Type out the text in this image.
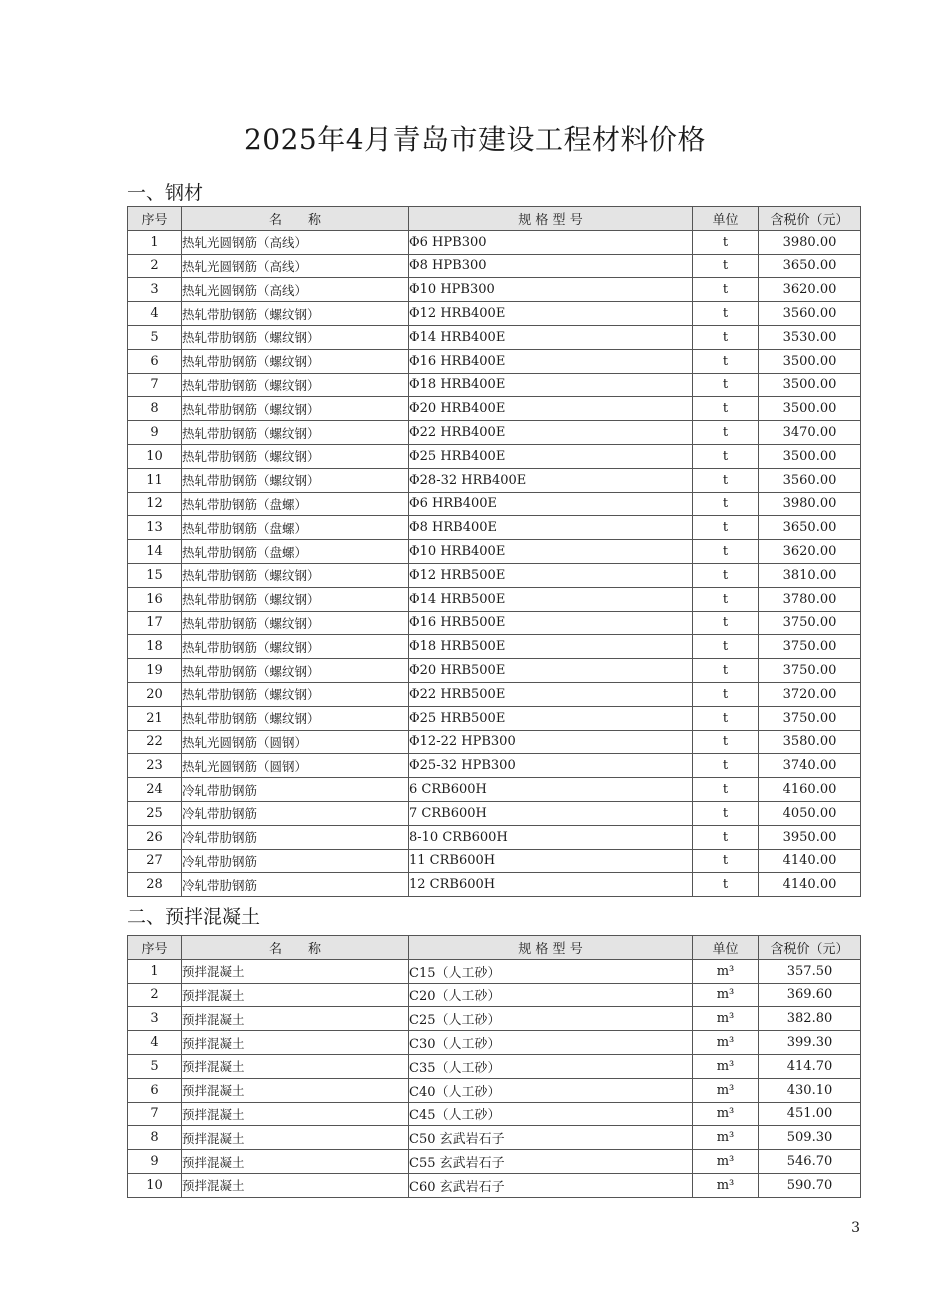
2025年4月青岛市建设工程材料价格
一、钢材
序号	名　　称	规 格 型 号	单位	含税价（元）
1	热轧光圆钢筋（高线）	Φ6 HPB300	t	3980.00
2	热轧光圆钢筋（高线）	Φ8 HPB300	t	3650.00
3	热轧光圆钢筋（高线）	Φ10 HPB300	t	3620.00
4	热轧带肋钢筋（螺纹钢）	Φ12 HRB400E	t	3560.00
5	热轧带肋钢筋（螺纹钢）	Φ14 HRB400E	t	3530.00
6	热轧带肋钢筋（螺纹钢）	Φ16 HRB400E	t	3500.00
7	热轧带肋钢筋（螺纹钢）	Φ18 HRB400E	t	3500.00
8	热轧带肋钢筋（螺纹钢）	Φ20 HRB400E	t	3500.00
9	热轧带肋钢筋（螺纹钢）	Φ22 HRB400E	t	3470.00
10	热轧带肋钢筋（螺纹钢）	Φ25 HRB400E	t	3500.00
11	热轧带肋钢筋（螺纹钢）	Φ28-32 HRB400E	t	3560.00
12	热轧带肋钢筋（盘螺）	Φ6 HRB400E	t	3980.00
13	热轧带肋钢筋（盘螺）	Φ8 HRB400E	t	3650.00
14	热轧带肋钢筋（盘螺）	Φ10 HRB400E	t	3620.00
15	热轧带肋钢筋（螺纹钢）	Φ12 HRB500E	t	3810.00
16	热轧带肋钢筋（螺纹钢）	Φ14 HRB500E	t	3780.00
17	热轧带肋钢筋（螺纹钢）	Φ16 HRB500E	t	3750.00
18	热轧带肋钢筋（螺纹钢）	Φ18 HRB500E	t	3750.00
19	热轧带肋钢筋（螺纹钢）	Φ20 HRB500E	t	3750.00
20	热轧带肋钢筋（螺纹钢）	Φ22 HRB500E	t	3720.00
21	热轧带肋钢筋（螺纹钢）	Φ25 HRB500E	t	3750.00
22	热轧光圆钢筋（圆钢）	Φ12-22 HPB300	t	3580.00
23	热轧光圆钢筋（圆钢）	Φ25-32 HPB300	t	3740.00
24	冷轧带肋钢筋	6 CRB600H	t	4160.00
25	冷轧带肋钢筋	7 CRB600H	t	4050.00
26	冷轧带肋钢筋	8-10 CRB600H	t	3950.00
27	冷轧带肋钢筋	11 CRB600H	t	4140.00
28	冷轧带肋钢筋	12 CRB600H	t	4140.00
二、预拌混凝土
序号	名　　称	规 格 型 号	单位	含税价（元）
1	预拌混凝土	C15（人工砂）	m³	357.50
2	预拌混凝土	C20（人工砂）	m³	369.60
3	预拌混凝土	C25（人工砂）	m³	382.80
4	预拌混凝土	C30（人工砂）	m³	399.30
5	预拌混凝土	C35（人工砂）	m³	414.70
6	预拌混凝土	C40（人工砂）	m³	430.10
7	预拌混凝土	C45（人工砂）	m³	451.00
8	预拌混凝土	C50 玄武岩石子	m³	509.30
9	预拌混凝土	C55 玄武岩石子	m³	546.70
10	预拌混凝土	C60 玄武岩石子	m³	590.70
3
